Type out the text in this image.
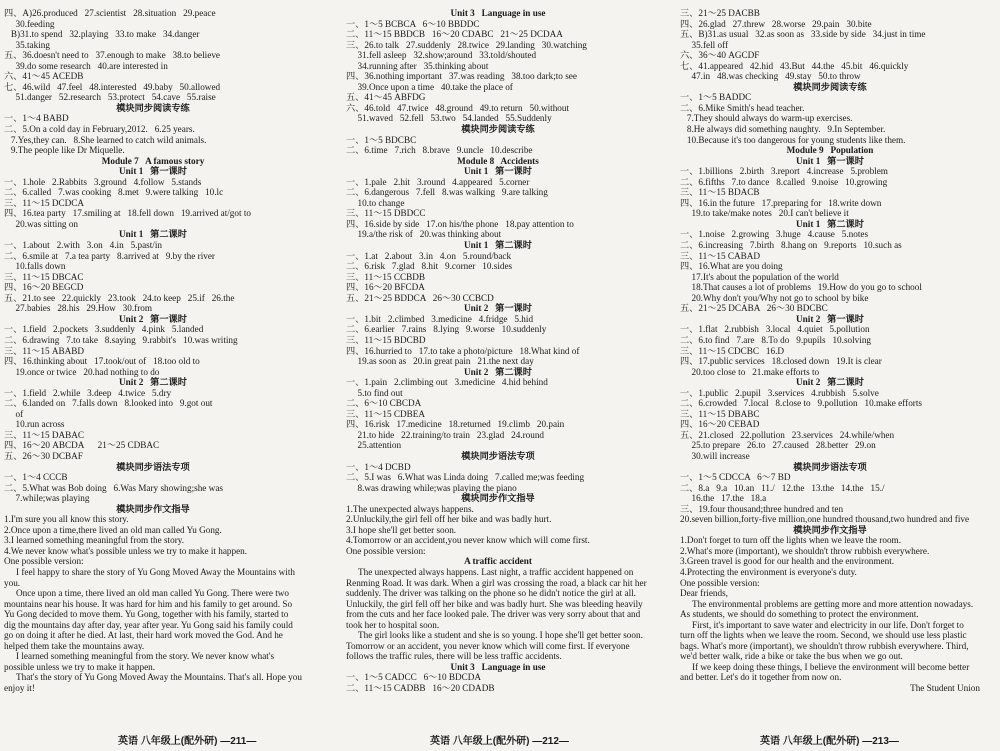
四、A)26.produced   27.scientist   28.situation   29.peace
30.feeding
B)31.to spend   32.playing   33.to make   34.danger
35.taking
五、36.doesn't need to   37.enough to make   38.to believe
39.do some research   40.are interested in
六、41～45 ACEDB
七、46.wild   47.feel   48.interested   49.baby   50.allowed
51.danger   52.research   53.protect   54.cave   55.raise
模块同步阅读专练
一、1～4 BABD
二、5.On a cold day in February,2012.   6.25 years.
7.Yes,they can.   8.She learned to catch wild animals.
9.The people like Dr Miquelle.
Module 7   A famous story
Unit 1   第一课时
一、1.hole   2.Rabbits   3.ground   4.follow   5.stands
二、6.called   7.was cooking   8.met   9.were talking   10.lc
三、11～15 DCDCA
四、16.tea party   17.smiling at   18.fell down   19.arrived at/got to
20.was sitting on
Unit 1   第二课时
一、1.about   2.with   3.on   4.in   5.past/in
二、6.smile at   7.a tea party   8.arrived at   9.by the river
10.falls down
三、11～15 DBCAC
四、16～20 BEGCD
五、21.to see   22.quickly   23.took   24.to keep   25.if   26.the
27.babies   28.his   29.How   30.from
Unit 2   第一课时
一、1.field   2.pockets   3.suddenly   4.pink   5.landed
二、6.drawing   7.to take   8.saying   9.rabbit's   10.was writing
三、11～15 ABABD
四、16.thinking about   17.took/out of   18.too old to
19.once or twice   20.had nothing to do
Unit 2   第二课时
一、1.field   2.while   3.deep   4.twice   5.dry
二、6.landed on   7.falls down   8.looked into   9.got out
of
10.run across
三、11～15 DABAC
四、16～20 ABCDA      21～25 CDBAC
五、26～30 DCBAF
模块同步语法专项
一、1～4 CCCB
二、5.What was Bob doing   6.Was Mary showing;she was
7.while;was playing
模块同步作文指导
1.I'm sure you all know this story.
2.Once upon a time,there lived an old man called Yu Gong.
3.I learned something meaningful from the story.
4.We never know what's possible unless we try to make it happen.
One possible version:
I feel happy to share the story of Yu Gong Moved Away the Mountains with you.
Once upon a time, there lived an old man called Yu Gong. There were two mountains near his house. It was hard for him and his family to get around. So Yu Gong decided to move them. Yu Gong, together with his family, started to dig the mountains day after day, year after year. Yu Gong said his family could go on doing it after he died. At last, their hard work moved the God. And he helped them take the mountains away.
I learned something meaningful from the story. We never know what's possible unless we try to make it happen.
That's the story of Yu Gong Moved Away the Mountains. That's all. Hope you enjoy it!
Unit 3   Language in use
一、1～5 BCBCA   6～10 BBDDC
二、11～15 BBDCB   16～20 CDABC   21～25 DCDAA
三、26.to talk   27.suddenly   28.twice   29.landing   30.watching
31.fell asleep   32.show;around   33.told/shouted
34.running after   35.thinking about
四、36.nothing important   37.was reading   38.too dark;to see
39.Once upon a time   40.take the place of
五、41～45 ABFDG
六、46.told   47.twice   48.ground   49.to return   50.without
51.waved   52.fell   53.two   54.landed   55.Suddenly
模块同步阅读专练
一、1～5 BDCBC
二、6.time   7.rich   8.brave   9.uncle   10.describe
Module 8   Accidents
Unit 1   第一课时
一、1.pale   2.hit   3.round   4.appeared   5.corner
二、6.dangerous   7.fell   8.was walking   9.are talking
10.to change
三、11～15 DBDCC
四、16.side by side   17.on his/the phone   18.pay attention to
19.a/the risk of   20.was thinking about
Unit 1   第二课时
一、1.at   2.about   3.in   4.on   5.round/back
二、6.risk   7.glad   8.hit   9.corner   10.sides
三、11～15 CCBDB
四、16～20 BFCDA
五、21～25 BDDCA   26～30 CCBCD
Unit 2   第一课时
一、1.bit   2.climbed   3.medicine   4.fridge   5.hid
二、6.earlier   7.rains   8.lying   9.worse   10.suddenly
三、11～15 BDCBD
四、16.hurried to   17.to take a photo/picture   18.What kind of
19.as soon as   20.in great pain   21.the next day
Unit 2   第二课时
一、1.pain   2.climbing out   3.medicine   4.hid behind
5.to find out
二、6～10 CBCDA
三、11～15 CDBEA
四、16.risk   17.medicine   18.returned   19.climb   20.pain
21.to hide   22.training/to train   23.glad   24.round
25.attention
模块同步语法专项
一、1～4 DCBD
二、5.I was   6.What was Linda doing   7.called me;was feeding
8.was drawing while;was playing the piano
模块同步作文指导
1.The unexpected always happens.
2.Unluckily,the girl fell off her bike and was badly hurt.
3.I hope she'll get better soon.
4.Tomorrow or an accident,you never know which will come first.
One possible version:
A traffic accident
The unexpected always happens. Last night, a traffic accident happened on Renming Road. It was dark. When a girl was crossing the road, a black car hit her suddenly. The driver was talking on the phone so he didn't notice the girl at all. Unluckily, the girl fell off her bike and was badly hurt. She was bleeding heavily from the cuts and her face looked pale. The driver was very sorry about that and took her to hospital soon.
The girl looks like a student and she is so young. I hope she'll get better soon. Tomorrow or an accident, you never know which will come first. If everyone follows the traffic rules, there will be less traffic accidents.
Unit 3   Language in use
一、1～5 CADCC   6～10 BDCDA
二、11～15 CADBB   16～20 CDADB
三、21～25 DACBB
四、26.glad   27.threw   28.worse   29.pain   30.bite
五、B)31.as usual   32.as soon as   33.side by side   34.just in time
35.fell off
六、36～40 AGCDF
七、41.appeared   42.hid   43.But   44.the   45.bit   46.quickly
47.in   48.was checking   49.stay   50.to throw
模块同步阅读专练
一、1～5 BADDC
二、6.Mike Smith's head teacher.
7.They should always do warm-up exercises.
8.He always did something naughty.   9.In September.
10.Because it's too dangerous for young students like them.
Module 9   Population
Unit 1   第一课时
一、1.billions   2.birth   3.report   4.increase   5.problem
二、6.fifths   7.to dance   8.called   9.noise   10.growing
三、11～15 BDACB
四、16.in the future   17.preparing for   18.write down
19.to take/make notes   20.I can't believe it
Unit 1   第二课时
一、1.noise   2.growing   3.huge   4.cause   5.notes
二、6.increasing   7.birth   8.hang on   9.reports   10.such as
三、11～15 CABAD
四、16.What are you doing
17.It's about the population of the world
18.That causes a lot of problems   19.How do you go to school
20.Why don't you/Why not go to school by bike
五、21～25 DCABA   26～30 BDCBC
Unit 2   第一课时
一、1.flat   2.rubbish   3.local   4.quiet   5.pollution
二、6.to find   7.are   8.To do   9.pupils   10.solving
三、11～15 CDCBC   16.D
四、17.public services   18.closed down   19.It is clear
20.too close to   21.make efforts to
Unit 2   第二课时
一、1.public   2.pupil   3.services   4.rubbish   5.solve
二、6.crowded   7.local   8.close to   9.pollution   10.make efforts
三、11～15 DBABC
四、16～20 CEBAD
五、21.closed   22.pollution   23.services   24.while/when
25.to prepare   26.to   27.caused   28.better   29.on
30.will increase
模块同步语法专项
一、1～5 CDCCA   6～7 BD
二、8.a   9.a   10.an   11./   12.the   13.the   14.the   15./
16.the   17.the   18.a
三、19.four thousand;three hundred and ten
20.seven billion,forty-five million,one hundred thousand,two hundred and five
模块同步作文指导
1.Don't forget to turn off the lights when we leave the room.
2.What's more (important), we shouldn't throw rubbish everywhere.
3.Green travel is good for our health and the environment.
4.Protecting the environment is everyone's duty.
One possible version:
Dear friends,
The environmental problems are getting more and more attention nowadays. As students, we should do something to protect the environment.
First, it's important to save water and electricity in our life. Don't forget to turn off the lights when we leave the room. Second, we should use less plastic bags. What's more (important), we shouldn't throw rubbish everywhere. Third, we'd better walk, ride a bike or take the bus when we go out.
If we keep doing these things, I believe the environment will become better and better. Let's do it together from now on.
The Student Union
英语 八年级上(配外研) —211—	英语 八年级上(配外研) —212—	英语 八年级上(配外研) —213—
